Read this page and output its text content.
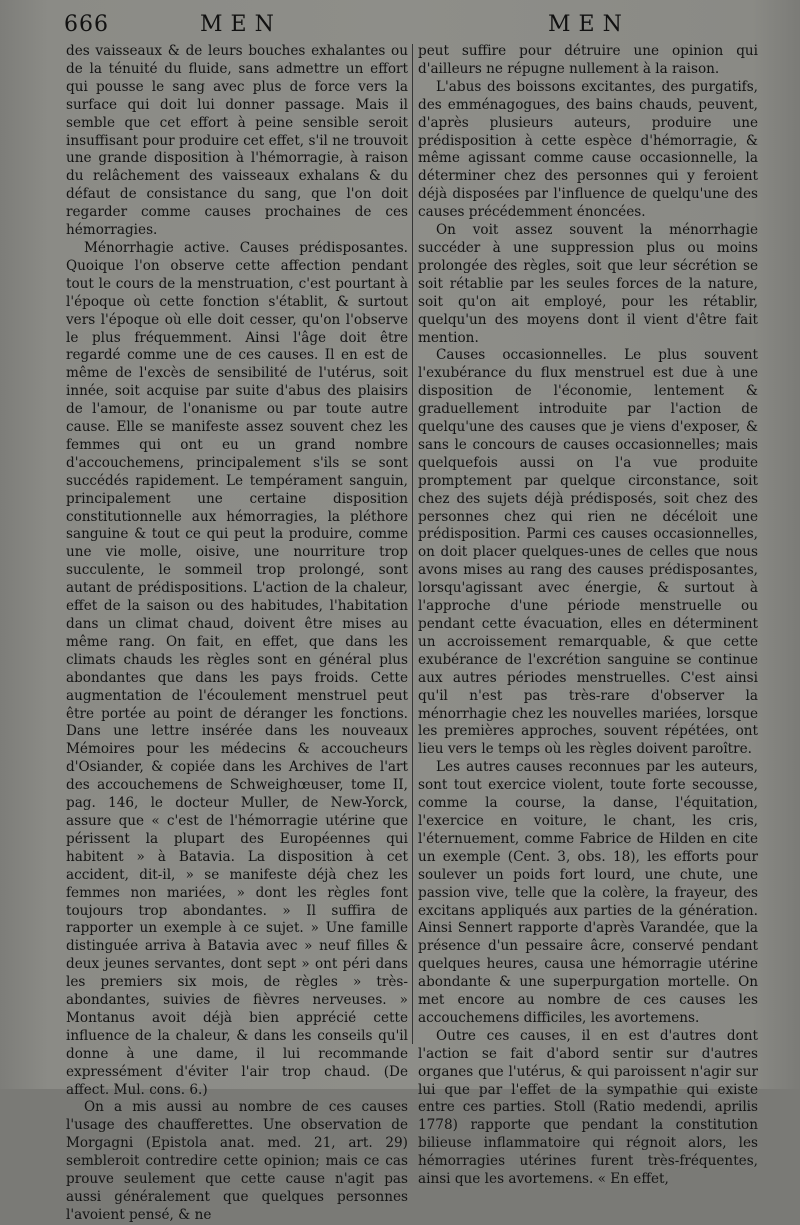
666	MEN	MEN

des vaisseaux & de leurs bouches exhalantes ou de la ténuité du fluide, sans admettre un effort qui pousse le sang avec plus de force vers la surface qui doit lui donner passage. Mais il semble que cet effort à peine sensible seroit insuffisant pour produire cet effet, s'il ne trouvoit une grande disposition à l'hémorragie, à raison du relâchement des vaisseaux exhalans & du défaut de consistance du sang, que l'on doit regarder comme causes prochaines de ces hémorragies.

Ménorrhagie active. Causes prédisposantes. Quoique l'on observe cette affection pendant tout le cours de la menstruation, c'est pourtant à l'époque où cette fonction s'établit, & surtout vers l'époque où elle doit cesser, qu'on l'observe le plus fréquemment. Ainsi l'âge doit être regardé comme une de ces causes. Il en est de même de l'excès de sensibilité de l'utérus, soit innée, soit acquise par suite d'abus des plaisirs de l'amour, de l'onanisme ou par toute autre cause. Elle se manifeste assez souvent chez les femmes qui ont eu un grand nombre d'accouchemens, principalement s'ils se sont succédés rapidement. Le tempérament sanguin, principalement une certaine disposition constitutionnelle aux hémorragies, la pléthore sanguine & tout ce qui peut la produire, comme une vie molle, oisive, une nourriture trop succulente, le sommeil trop prolongé, sont autant de prédispositions. L'action de la chaleur, effet de la saison ou des habitudes, l'habitation dans un climat chaud, doivent être mises au même rang. On fait, en effet, que dans les climats chauds les règles sont en général plus abondantes que dans les pays froids. Cette augmentation de l'écoulement menstruel peut être portée au point de déranger les fonctions. Dans une lettre insérée dans les nouveaux Mémoires pour les médecins & accoucheurs d'Osiander, & copiée dans les Archives de l'art des accouchemens de Schweighœuser, tome II, pag. 146, le docteur Muller, de New-Yorck, assure que « c'est de l'hémorragie utérine que périssent la plupart des Européennes qui habitent » à Batavia. La disposition à cet accident, dit-il, » se manifeste déjà chez les femmes non mariées, » dont les règles font toujours trop abondantes. » Il suffira de rapporter un exemple à ce sujet. » Une famille distinguée arriva à Batavia avec » neuf filles & deux jeunes servantes, dont sept » ont péri dans les premiers six mois, de règles » très-abondantes, suivies de fièvres nerveuses. » Montanus avoit déjà bien apprécié cette influence de la chaleur, & dans les conseils qu'il donne à une dame, il lui recommande expressément d'éviter l'air trop chaud. (De affect. Mul. cons. 6.)

On a mis aussi au nombre de ces causes l'usage des chaufferettes. Une observation de Morgagni (Epistola anat. med. 21, art. 29) sembleroit contredire cette opinion; mais ce cas prouve seulement que cette cause n'agit pas aussi généralement que quelques personnes l'avoient pensé, & ne

peut suffire pour détruire une opinion qui d'ailleurs ne répugne nullement à la raison.

L'abus des boissons excitantes, des purgatifs, des emménagogues, des bains chauds, peuvent, d'après plusieurs auteurs, produire une prédisposition à cette espèce d'hémorragie, & même agissant comme cause occasionnelle, la déterminer chez des personnes qui y feroient déjà disposées par l'influence de quelqu'une des causes précédemment énoncées.

On voit assez souvent la ménorrhagie succéder à une suppression plus ou moins prolongée des règles, soit que leur sécrétion se soit rétablie par les seules forces de la nature, soit qu'on ait employé, pour les rétablir, quelqu'un des moyens dont il vient d'être fait mention.

Causes occasionnelles. Le plus souvent l'exubérance du flux menstruel est due à une disposition de l'économie, lentement & graduellement introduite par l'action de quelqu'une des causes que je viens d'exposer, & sans le concours de causes occasionnelles; mais quelquefois aussi on l'a vue produite promptement par quelque circonstance, soit chez des sujets déjà prédisposés, soit chez des personnes chez qui rien ne décéloit une prédisposition. Parmi ces causes occasionnelles, on doit placer quelques-unes de celles que nous avons mises au rang des causes prédisposantes, lorsqu'agissant avec énergie, & surtout à l'approche d'une période menstruelle ou pendant cette évacuation, elles en déterminent un accroissement remarquable, & que cette exubérance de l'excrétion sanguine se continue aux autres périodes menstruelles. C'est ainsi qu'il n'est pas très-rare d'observer la ménorrhagie chez les nouvelles mariées, lorsque les premières approches, souvent répétées, ont lieu vers le temps où les règles doivent paroître.

Les autres causes reconnues par les auteurs, sont tout exercice violent, toute forte secousse, comme la course, la danse, l'équitation, l'exercice en voiture, le chant, les cris, l'éternuement, comme Fabrice de Hilden en cite un exemple (Cent. 3, obs. 18), les efforts pour soulever un poids fort lourd, une chute, une passion vive, telle que la colère, la frayeur, des excitans appliqués aux parties de la génération. Ainsi Sennert rapporte d'après Varandée, que la présence d'un pessaire âcre, conservé pendant quelques heures, causa une hémorragie utérine abondante & une superpurgation mortelle. On met encore au nombre de ces causes les accouchemens difficiles, les avortemens.

Outre ces causes, il en est d'autres dont l'action se fait d'abord sentir sur d'autres organes que l'utérus, & qui paroissent n'agir sur lui que par l'effet de la sympathie qui existe entre ces parties. Stoll (Ratio medendi, aprilis 1778) rapporte que pendant la constitution bilieuse inflammatoire qui régnoit alors, les hémorragies utérines furent très-fréquentes, ainsi que les avortemens. « En effet,
